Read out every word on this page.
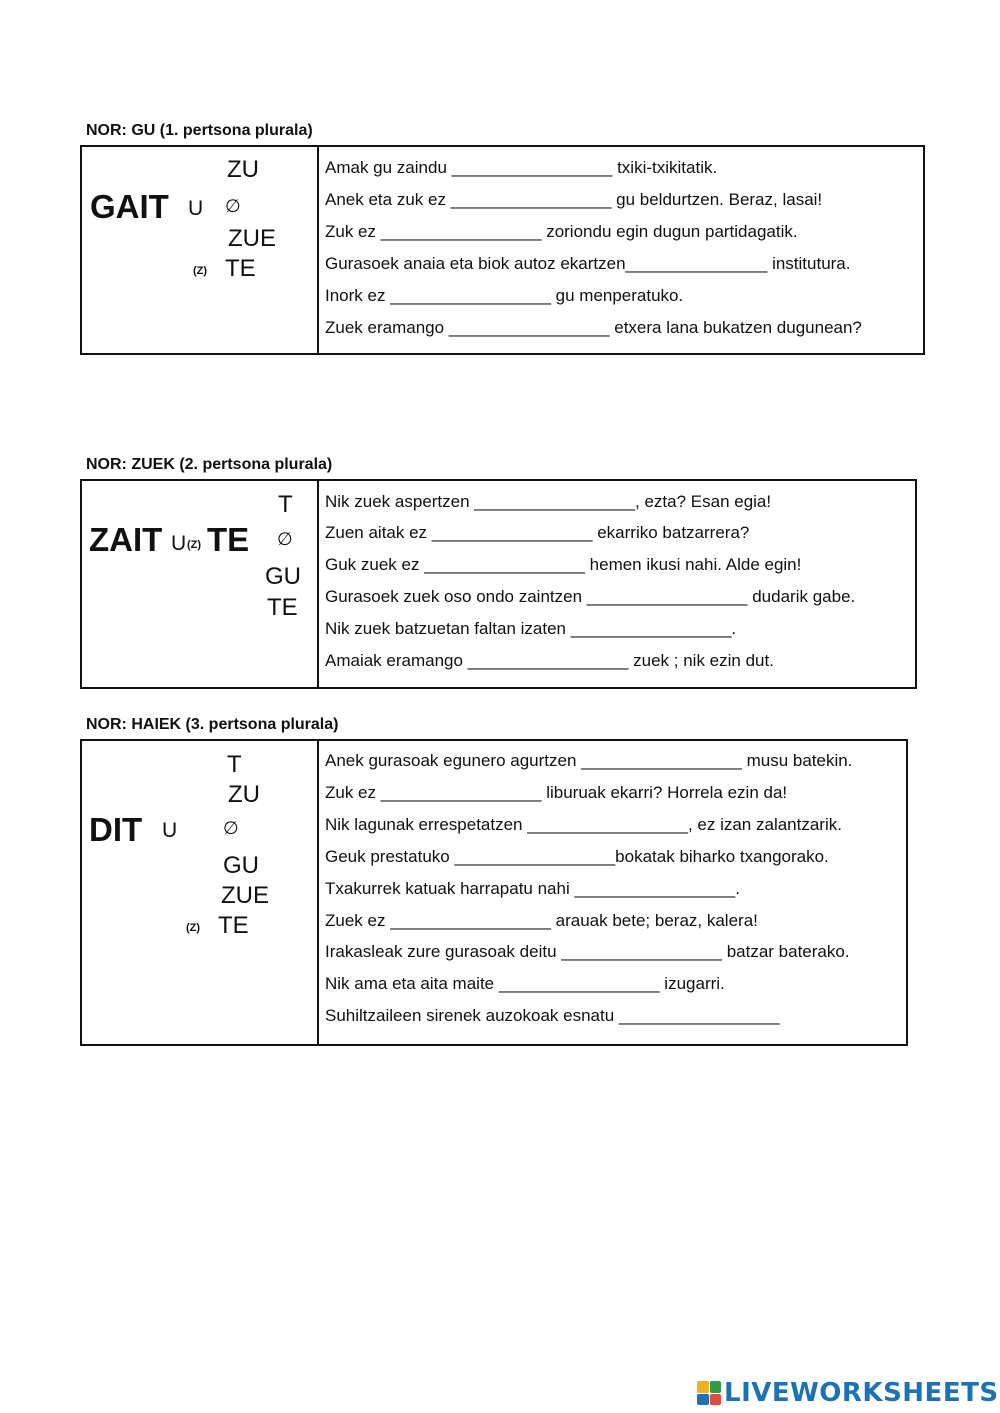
NOR: GU (1. pertsona plurala)
GAIT U
ZU
∅
ZUE
(Z) TE
Amak gu zaindu _________________ txiki-txikitatik.
Anek eta zuk ez _________________ gu beldurtzen. Beraz, lasai!
Zuk ez _________________ zoriondu egin dugun partidagatik.
Gurasoek anaia eta biok autoz ekartzen_______________ institutura.
Inork ez _________________ gu menperatuko.
Zuek eramango _________________ etxera lana bukatzen dugunean?
NOR: ZUEK (2. pertsona plurala)
ZAIT U (Z) TE
T
∅
GU
TE
Nik zuek aspertzen _________________, ezta? Esan egia!
Zuen aitak ez _________________ ekarriko batzarrera?
Guk zuek ez _________________ hemen ikusi nahi. Alde egin!
Gurasoek zuek oso ondo zaintzen _________________ dudarik gabe.
Nik zuek batzuetan faltan izaten _________________.
Amaiak eramango _________________ zuek ; nik ezin dut.
NOR: HAIEK (3. pertsona plurala)
DIT U
T
ZU
∅
GU
ZUE
(Z) TE
Anek gurasoak egunero agurtzen _________________ musu batekin.
Zuk ez _________________ liburuak ekarri? Horrela ezin da!
Nik lagunak errespetatzen _________________, ez izan zalantzarik.
Geuk prestatuko _________________bokatak biharko txangorako.
Txakurrek katuak harrapatu nahi _________________.
Zuek ez _________________ arauak bete; beraz, kalera!
Irakasleak zure gurasoak deitu _________________ batzar baterako.
Nik ama eta aita maite _________________ izugarri.
Suhiltzaileen sirenek auzokoak esnatu _________________
LIVEWORKSHEETS
